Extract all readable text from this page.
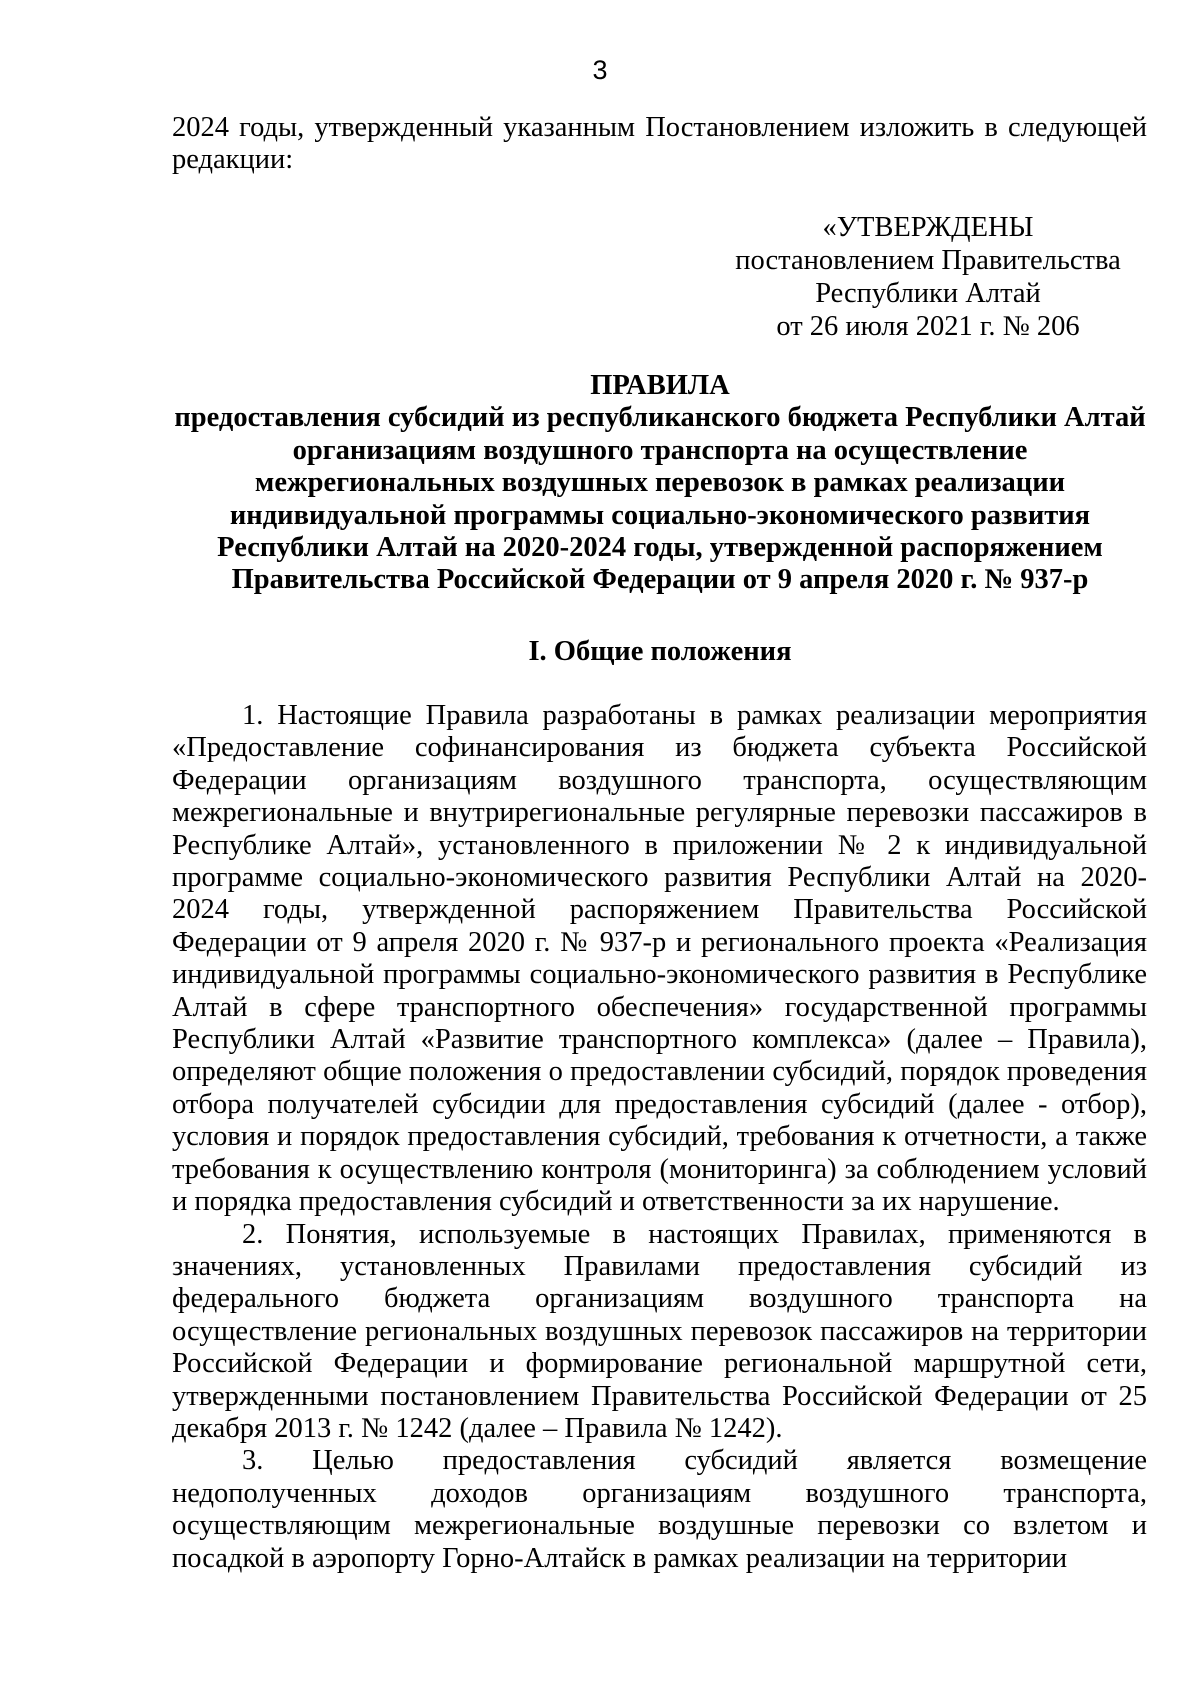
3

2024 годы, утвержденный указанным Постановлением изложить в следующей редакции:

«УТВЕРЖДЕНЫ
постановлением Правительства
Республики Алтай
от 26 июля 2021 г. № 206
ПРАВИЛА
предоставления субсидий из республиканского бюджета Республики Алтай
организациям воздушного транспорта на осуществление
межрегиональных воздушных перевозок в рамках реализации
индивидуальной программы социально-экономического развития
Республики Алтай на 2020-2024 годы, утвержденной распоряжением
Правительства Российской Федерации от 9 апреля 2020 г. № 937-р
I. Общие положения

1. Настоящие Правила разработаны в рамках реализации мероприятия «Предоставление софинансирования из бюджета субъекта Российской Федерации организациям воздушного транспорта, осуществляющим межрегиональные и внутрирегиональные регулярные перевозки пассажиров в Республике Алтай», установленного в приложении № 2 к индивидуальной программе социально-экономического развития Республики Алтай на 2020-2024 годы, утвержденной распоряжением Правительства Российской Федерации от 9 апреля 2020 г. № 937-р и регионального проекта «Реализация индивидуальной программы социально-экономического развития в Республике Алтай в сфере транспортного обеспечения» государственной программы Республики Алтай «Развитие транспортного комплекса» (далее – Правила), определяют общие положения о предоставлении субсидий, порядок проведения отбора получателей субсидии для предоставления субсидий (далее - отбор), условия и порядок предоставления субсидий, требования к отчетности, а также требования к осуществлению контроля (мониторинга) за соблюдением условий и порядка предоставления субсидий и ответственности за их нарушение.

2. Понятия, используемые в настоящих Правилах, применяются в значениях, установленных Правилами предоставления субсидий из федерального бюджета организациям воздушного транспорта на осуществление региональных воздушных перевозок пассажиров на территории Российской Федерации и формирование региональной маршрутной сети, утвержденными постановлением Правительства Российской Федерации от 25 декабря 2013 г. № 1242 (далее – Правила № 1242).

3. Целью предоставления субсидий является возмещение недополученных доходов организациям воздушного транспорта, осуществляющим межрегиональные воздушные перевозки со взлетом и посадкой в аэропорту Горно-Алтайск в рамках реализации на территории
